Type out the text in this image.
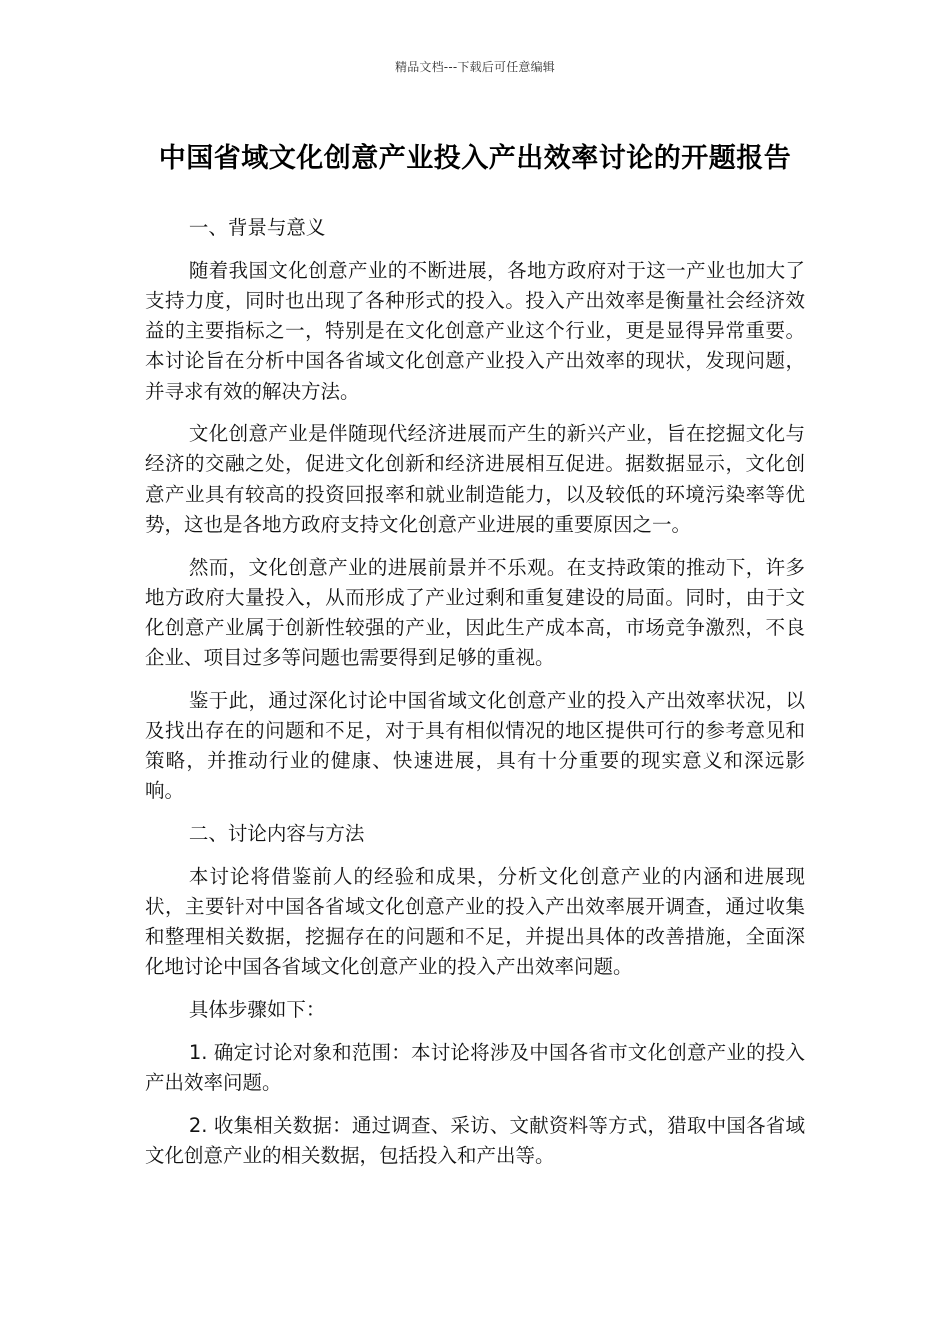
精品文档---下载后可任意编辑
中国省域文化创意产业投入产出效率讨论的开题报告

一、背景与意义

随着我国文化创意产业的不断进展，各地方政府对于这一产业也加大了支持力度，同时也出现了各种形式的投入。投入产出效率是衡量社会经济效益的主要指标之一，特别是在文化创意产业这个行业，更是显得异常重要。本讨论旨在分析中国各省域文化创意产业投入产出效率的现状，发现问题，并寻求有效的解决方法。

文化创意产业是伴随现代经济进展而产生的新兴产业，旨在挖掘文化与经济的交融之处，促进文化创新和经济进展相互促进。据数据显示，文化创意产业具有较高的投资回报率和就业制造能力，以及较低的环境污染率等优势，这也是各地方政府支持文化创意产业进展的重要原因之一。

然而，文化创意产业的进展前景并不乐观。在支持政策的推动下，许多地方政府大量投入，从而形成了产业过剩和重复建设的局面。同时，由于文化创意产业属于创新性较强的产业，因此生产成本高，市场竞争激烈，不良企业、项目过多等问题也需要得到足够的重视。

鉴于此，通过深化讨论中国省域文化创意产业的投入产出效率状况，以及找出存在的问题和不足，对于具有相似情况的地区提供可行的参考意见和策略，并推动行业的健康、快速进展，具有十分重要的现实意义和深远影响。

二、讨论内容与方法

本讨论将借鉴前人的经验和成果，分析文化创意产业的内涵和进展现状，主要针对中国各省域文化创意产业的投入产出效率展开调查，通过收集和整理相关数据，挖掘存在的问题和不足，并提出具体的改善措施，全面深化地讨论中国各省域文化创意产业的投入产出效率问题。

具体步骤如下：

1. 确定讨论对象和范围：本讨论将涉及中国各省市文化创意产业的投入产出效率问题。

2. 收集相关数据：通过调查、采访、文献资料等方式，猎取中国各省域文化创意产业的相关数据，包括投入和产出等。
